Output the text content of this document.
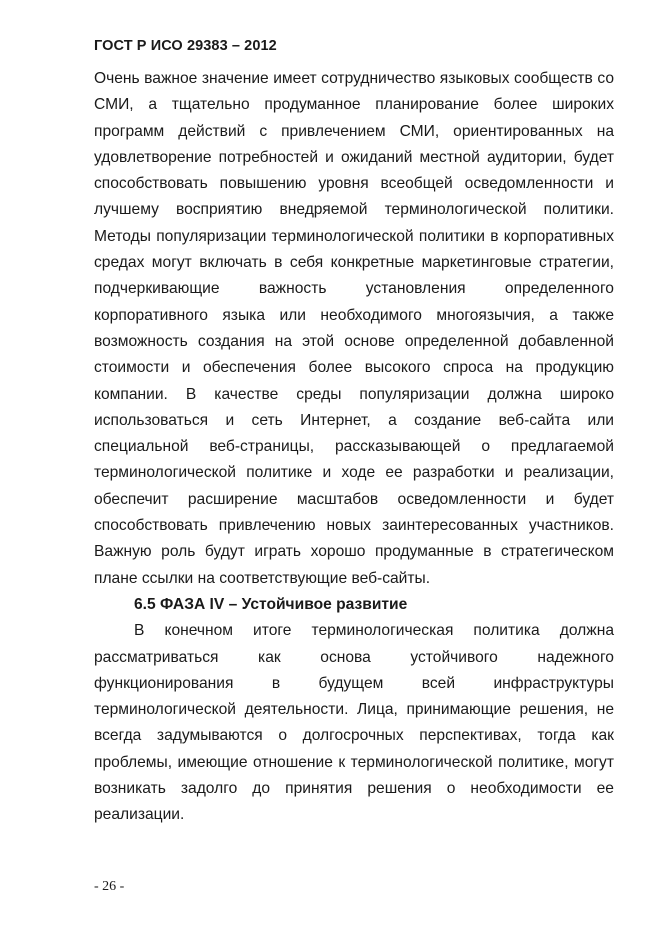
ГОСТ Р ИСО 29383 – 2012

Очень важное значение имеет сотрудничество языковых сообществ со СМИ, а тщательно продуманное планирование более широких программ действий с привлечением СМИ, ориентированных на удовлетворение потребностей и ожиданий местной аудитории, будет способствовать повышению уровня всеобщей осведомленности и лучшему восприятию внедряемой терминологической политики. Методы популяризации терминологической политики в корпоративных средах могут включать в себя конкретные маркетинговые стратегии, подчеркивающие важность установления определенного корпоративного языка или необходимого многоязычия, а также возможность создания на этой основе определенной добавленной стоимости и обеспечения более высокого спроса на продукцию компании. В качестве среды популяризации должна широко использоваться и сеть Интернет, а создание веб-сайта или специальной веб-страницы, рассказывающей о предлагаемой терминологической политике и ходе ее разработки и реализации, обеспечит расширение масштабов осведомленности и будет способствовать привлечению новых заинтересованных участников. Важную роль будут играть хорошо продуманные в стратегическом плане ссылки на соответствующие веб-сайты.

6.5 ФАЗА IV – Устойчивое развитие

В конечном итоге терминологическая политика должна рассматриваться как основа устойчивого надежного функционирования в будущем всей инфраструктуры терминологической деятельности. Лица, принимающие решения, не всегда задумываются о долгосрочных перспективах, тогда как проблемы, имеющие отношение к терминологической политике, могут возникать задолго до принятия решения о необходимости ее реализации.

- 26 -
